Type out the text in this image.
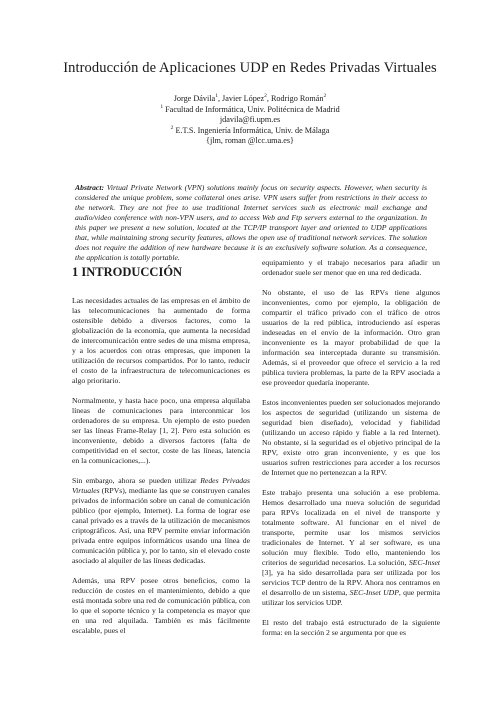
Introducción de Aplicaciones UDP en Redes Privadas Virtuales
Jorge Dávila$^1$, Javier López$^2$, Rodrigo Román$^2$
$^1$ Facultad de Informática, Univ. Politécnica de Madrid
jdavila@fi.upm.es
$^2$ E.T.S. Ingeniería Informática, Univ. de Málaga
{jlm, roman @lcc.uma.es}

Abstract: Virtual Private Network (VPN) solutions mainly focus on security aspects. However, when security is considered the unique problem, some collateral ones arise. VPN users suffer from restrictions in their access to the network. They are not free to use traditional Internet services such as electronic mail exchange and audio/video conference with non-VPN users, and to access Web and Ftp servers external to the organization. In this paper we present a new solution, located at the TCP/IP transport layer and oriented to UDP applications that, while maintaining strong security features, allows the open use of traditional network services. The solution does not require the addition of new hardware because it is an exclusively software solution. As a consequence, the application is totally portable.

1 INTRODUCCIÓN

Las necesidades actuales de las empresas en el ámbito de las telecomunicaciones ha aumentado de forma ostensible debido a diversos factores, como la globalización de la economía, que aumenta la necesidad de intercomunicación entre sedes de una misma empresa, y a los acuerdos con otras empresas, que imponen la utilización de recursos compartidos. Por lo tanto, reducir el costo de la infraestructura de telecomunicaciones es algo prioritario.

Normalmente, y hasta hace poco, una empresa alquilaba líneas de comunicaciones para interconmicar los ordenadores de su empresa. Un ejemplo de esto pueden ser las líneas Frame-Relay [1, 2]. Pero esta solución es inconveniente, debido a diversos factores (falta de competitividad en el sector, coste de las líneas, latencia en la comunicaciones,...).

Sin embargo, ahora se pueden utilizar Redes Privadas Virtuales (RPVs), mediante las que se construyen canales privados de información sobre un canal de comunicación público (por ejemplo, Internet). La forma de lograr ese canal privado es a través de la utilización de mecanismos criptográficos. Así, una RPV permite enviar información privada entre equipos informáticos usando una línea de comunicación pública y, por lo tanto, sin el elevado coste asociado al alquiler de las líneas dedicadas.

Además, una RPV posee otros beneficios, como la reducción de costes en el mantenimiento, debido a que está montada sobre una red de comunicación pública, con lo que el soporte técnico y la competencia es mayor que en una red alquilada. También es más fácilmente escalable, pues el

equipamiento y el trabajo necesarios para añadir un ordenador suele ser menor que en una red dedicada.

No obstante, el uso de las RPVs tiene algunos inconvenientes, como por ejemplo, la obligación de compartir el tráfico privado con el tráfico de otros usuarios de la red pública, introduciendo así esperas indeseadas en el envío de la información. Otro gran inconveniente es la mayor probabilidad de que la información sea interceptada durante su transmisión. Además, si el proveedor que ofrece el servicio a la red pública tuviera problemas, la parte de la RPV asociada a ese proveedor quedaría inoperante.

Estos inconvenientes pueden ser solucionados mejorando los aspectos de seguridad (utilizando un sistema de seguridad bien diseñado), velocidad y fiabilidad (utilizando un acceso rápido y fiable a la red Internet). No obstante, si la seguridad es el objetivo principal de la RPV, existe otro gran inconveniente, y es que los usuarios sufren restricciones para acceder a los recursos de Internet que no pertenezcan a la RPV.

Este trabajo presenta una solución a ese problema. Hemos desarrollado una nueva solución de seguridad para RPVs localizada en el nivel de transporte y totalmente software. Al funcionar en el nivel de transporte, permite usar los mismos servicios tradicionales de Internet. Y al ser software, es una solución muy flexible. Todo ello, manteniendo los criterios de seguridad necesarios. La solución, SEC-Inset [3], ya ha sido desarrollada para ser utilizada por los servicios TCP dentro de la RPV. Ahora nos centramos en el desarrollo de un sistema, SEC-Inset UDP, que permita utilizar los servicios UDP.

El resto del trabajo está estructurado de la siguiente forma: en la sección 2 se argumenta por que es
